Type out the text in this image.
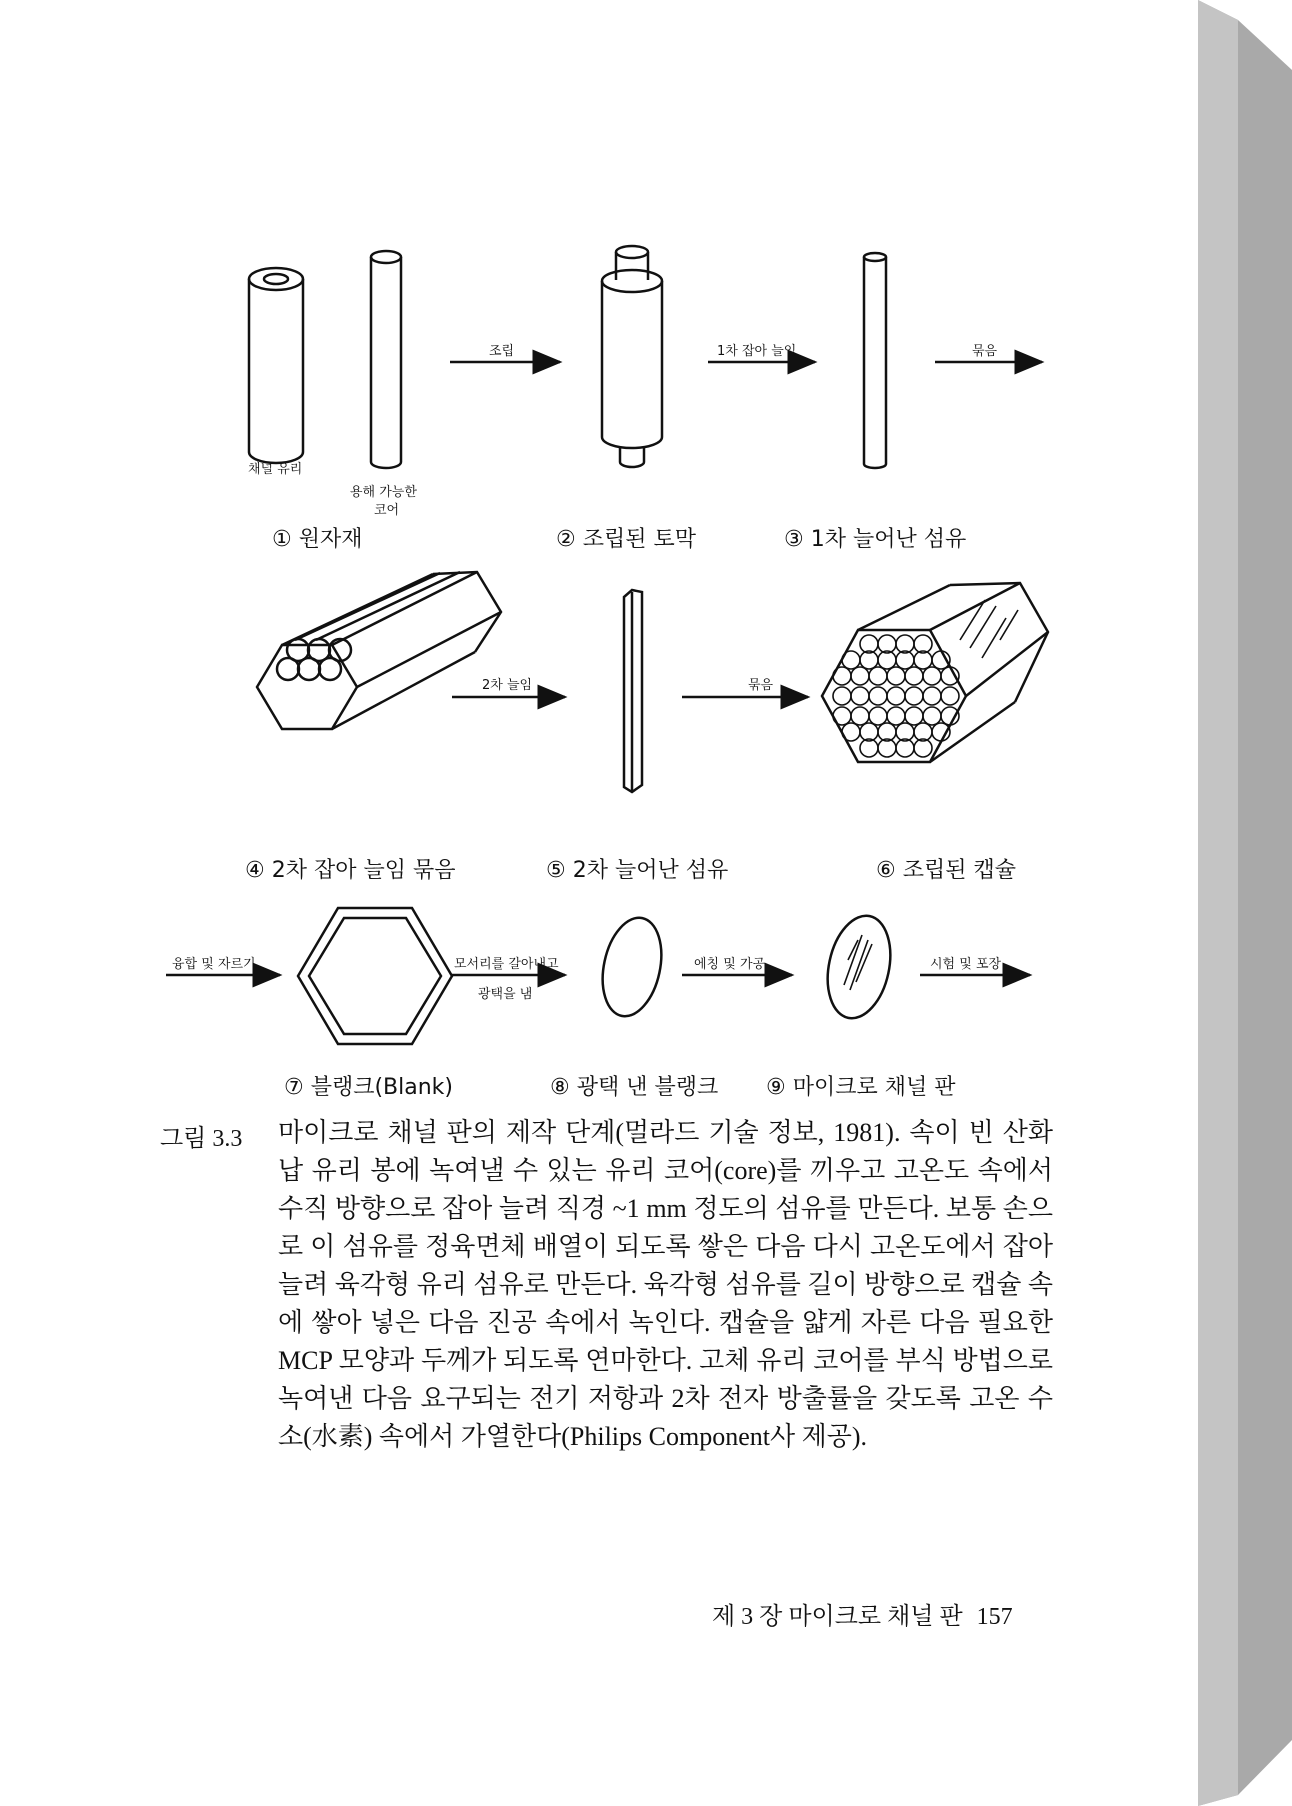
채널 유리
용해 가능한
코어
조립	1차 잡아 늘임	묶음
2차 늘임	묶음
융합 및 자르기	모서리를 갈아내고
광택을 냄
에칭 및 가공	시험 및 포장
① 원자재	② 조립된 토막	③ 1차 늘어난 섬유
④ 2차 잡아 늘임 묶음	⑤ 2차 늘어난 섬유	⑥ 조립된 캡슐
⑦ 블랭크(Blank)	⑧ 광택 낸 블랭크 ⑨ 마이크로 채널 판
그림 3.3 마이크로 채널 판의 제작 단계(멀라드 기술 정보, 1981). 속이 빈 산화 납 유리 봉에 녹여낼 수 있는 유리 코어(core)를 끼우고 고온도 속에서 수직 방향으로 잡아 늘려 직경 ~1 mm 정도의 섬유를 만든다. 보통 손으로 이 섬유를 정육면체 배열이 되도록 쌓은 다음 다시 고온도에서 잡아 늘려 육각형 유리 섬유로 만든다. 육각형 섬유를 길이 방향으로 캡슐 속에 쌓아 넣은 다음 진공 속에서 녹인다. 캡슐을 얇게 자른 다음 필요한 MCP 모양과 두께가 되도록 연마한다. 고체 유리 코어를 부식 방법으로 녹여낸 다음 요구되는 전기 저항과 2차 전자 방출률을 갖도록 고온 수소(水素) 속에서 가열한다(Philips Component사 제공).
제 3 장 마이크로 채널 판 157
